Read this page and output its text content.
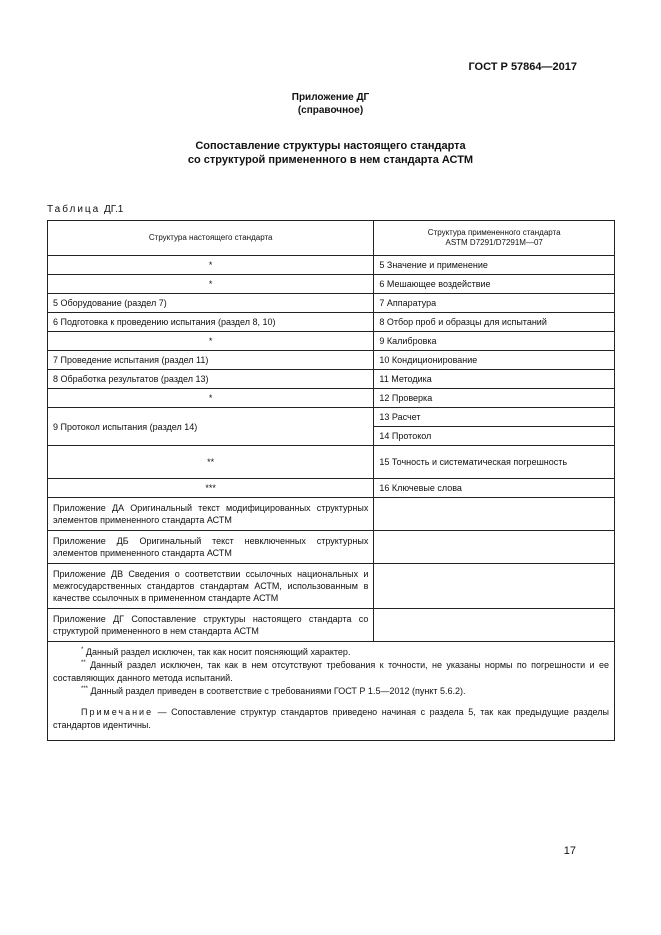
ГОСТ Р 57864—2017
Приложение ДГ
(справочное)
Сопоставление структуры настоящего стандарта
со структурой примененного в нем стандарта АСТМ
Таблица ДГ.1
Структура настоящего стандарта	Структура примененного стандарта
ASTM D7291/D7291M—07

*	5 Значение и применение
*	6 Мешающее воздействие
5 Оборудование (раздел 7)	7 Аппаратура
6 Подготовка к проведению испытания (раздел 8, 10)	8 Отбор проб и образцы для испытаний
*	9 Калибровка
7 Проведение испытания (раздел 11)	10 Кондиционирование
8 Обработка результатов (раздел 13)	11 Методика
*	12 Проверка
9 Протокол испытания (раздел 14)	13 Расчет
	14 Протокол
**	15 Точность и систематическая погрешность
***	16 Ключевые слова
Приложение ДА Оригинальный текст модифицированных структурных элементов примененного стандарта АСТМ	
Приложение ДБ Оригинальный текст невключенных структурных элементов примененного стандарта АСТМ	
Приложение ДВ Сведения о соответствии ссылочных национальных и межгосударственных стандартов стандартам АСТМ, использованным в качестве ссылочных в примененном стандарте АСТМ	
Приложение ДГ Сопоставление структуры настоящего стандарта со структурой примененного в нем стандарта АСТМ	

* Данный раздел исключен, так как носит поясняющий характер.

** Данный раздел исключен, так как в нем отсутствуют требования к точности, не указаны нормы по погрешности и ее составляющих данного метода испытаний.

*** Данный раздел приведен в соответствие с требованиями ГОСТ Р 1.5—2012 (пункт 5.6.2).

Примечание — Сопоставление структур стандартов приведено начиная с раздела 5, так как предыдущие разделы стандартов идентичны.	

17
